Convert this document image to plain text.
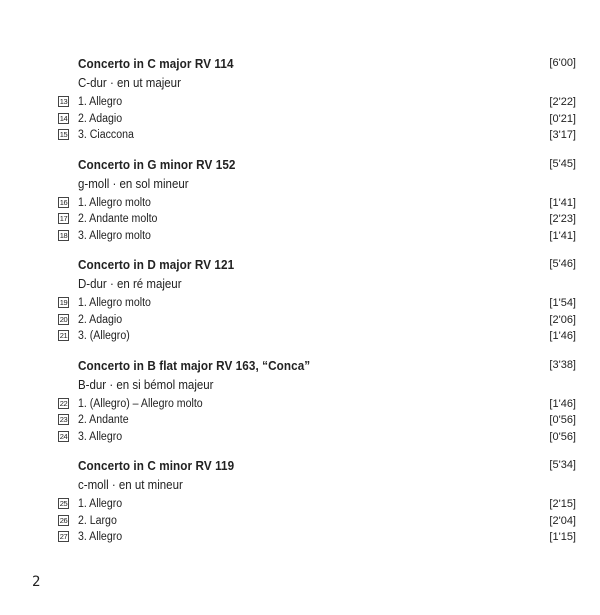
Concerto in C major RV 114	[6'00]
C-dur · en ut majeur
13 1. Allegro	[2'22]
14 2. Adagio	[0'21]
15 3. Ciaccona	[3'17]
Concerto in G minor RV 152	[5'45]
g-moll · en sol mineur
16 1. Allegro molto	[1'41]
17 2. Andante molto	[2'23]
18 3. Allegro molto	[1'41]
Concerto in D major RV 121	[5'46]
D-dur · en ré majeur
19 1. Allegro molto	[1'54]
20 2. Adagio	[2'06]
21 3. (Allegro)	[1'46]
Concerto in B flat major RV 163, “Conca”	[3'38]
B-dur · en si bémol majeur
22 1. (Allegro) – Allegro molto	[1'46]
23 2. Andante	[0'56]
24 3. Allegro	[0'56]
Concerto in C minor RV 119	[5'34]
c-moll · en ut mineur
25 1. Allegro	[2'15]
26 2. Largo	[2'04]
27 3. Allegro	[1'15]
2
